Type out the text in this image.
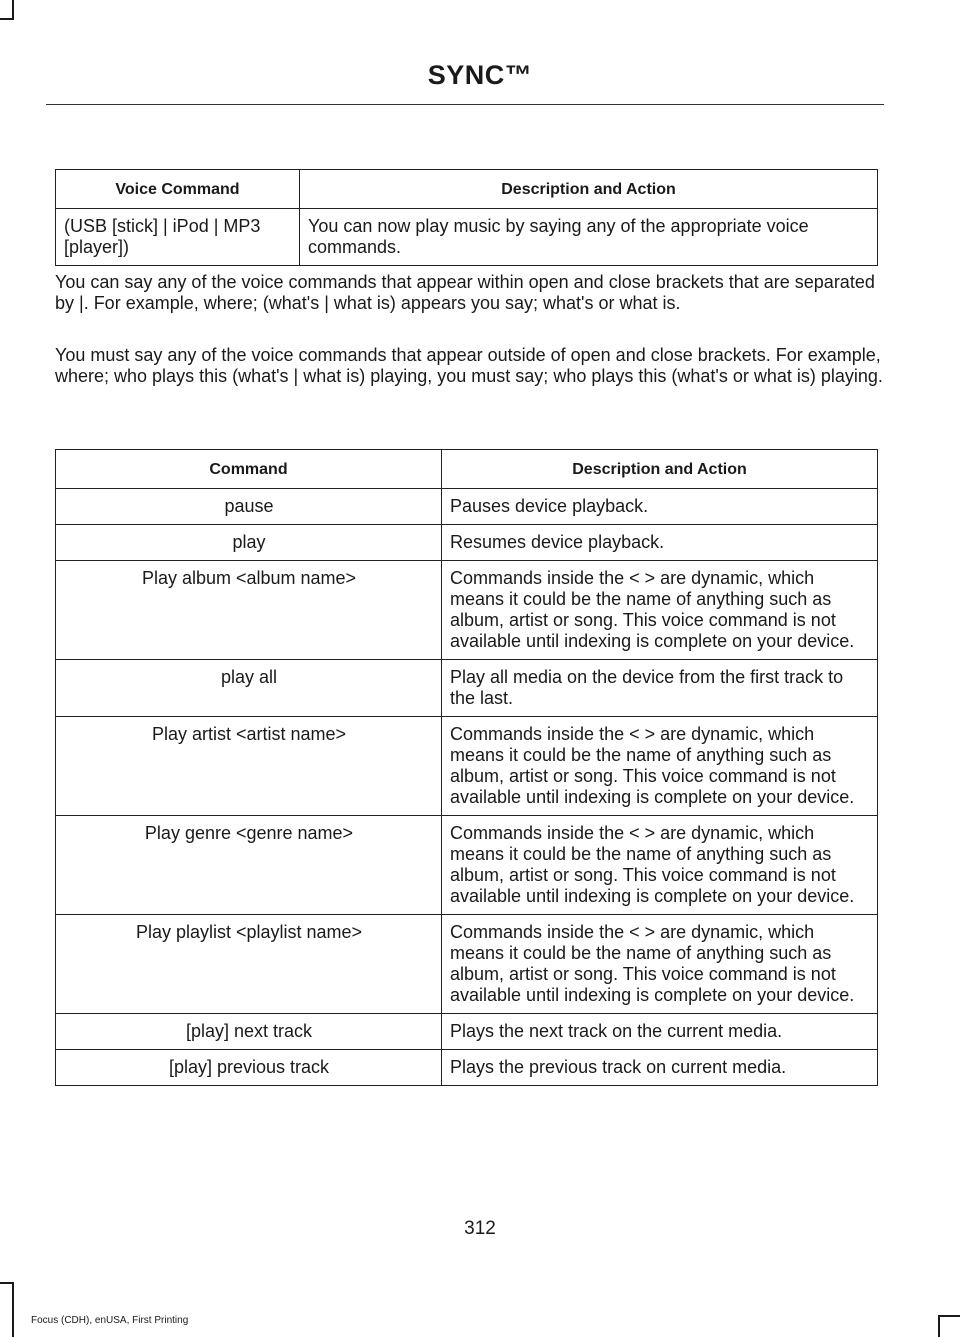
SYNC™
Voice Command	Description and Action
(USB [stick] | iPod | MP3 [player])	You can now play music by saying any of the appropriate voice commands.

You can say any of the voice commands that appear within open and close brackets that are separated by |. For example, where; (what's | what is) appears you say; what's or what is.

You must say any of the voice commands that appear outside of open and close brackets. For example, where; who plays this (what's | what is) playing, you must say; who plays this (what's or what is) playing.

Command	Description and Action
pause	Pauses device playback.
play	Resumes device playback.
Play album <album name>	Commands inside the < > are dynamic, which means it could be the name of anything such as album, artist or song. This voice command is not available until indexing is complete on your device.
play all	Play all media on the device from the first track to the last.
Play artist <artist name>	Commands inside the < > are dynamic, which means it could be the name of anything such as album, artist or song. This voice command is not available until indexing is complete on your device.
Play genre <genre name>	Commands inside the < > are dynamic, which means it could be the name of anything such as album, artist or song. This voice command is not available until indexing is complete on your device.
Play playlist <playlist name>	Commands inside the < > are dynamic, which means it could be the name of anything such as album, artist or song. This voice command is not available until indexing is complete on your device.
[play] next track	Plays the next track on the current media.
[play] previous track	Plays the previous track on current media.
312
Focus (CDH), enUSA, First Printing
